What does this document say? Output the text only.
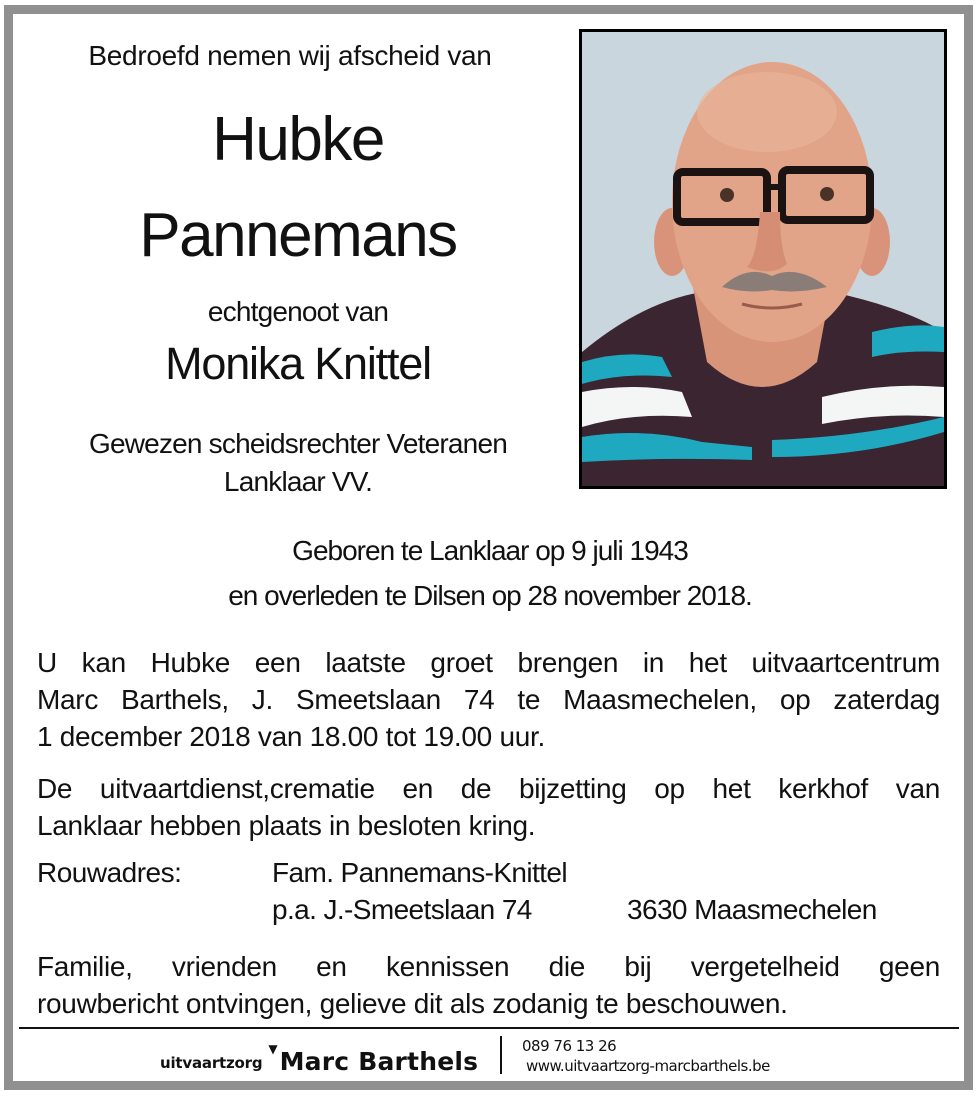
Bedroefd nemen wij afscheid van
Hubke
Pannemans
echtgenoot van
Monika Knittel
Gewezen scheidsrechter Veteranen
Lanklaar VV.
Geboren te Lanklaar op 9 juli 1943
en overleden te Dilsen op 28 november 2018.
U kan Hubke een laatste groet brengen in het uitvaartcentrum
Marc Barthels, J. Smeetslaan 74 te Maasmechelen, op zaterdag
1 december 2018 van 18.00 tot 19.00 uur.
De uitvaartdienst,crematie en de bijzetting op het kerkhof van
Lanklaar hebben plaats in besloten kring.
Rouwadres:	Fam. Pannemans-Knittel
p.a. J.-Smeetslaan 74	3630 Maasmechelen
Familie, vrienden en kennissen die bij vergetelheid geen
rouwbericht ontvingen, gelieve dit als zodanig te beschouwen.
uitvaartzorg
▼ Marc Barthels
089 76 13 26
www.uitvaartzorg-marcbarthels.be
